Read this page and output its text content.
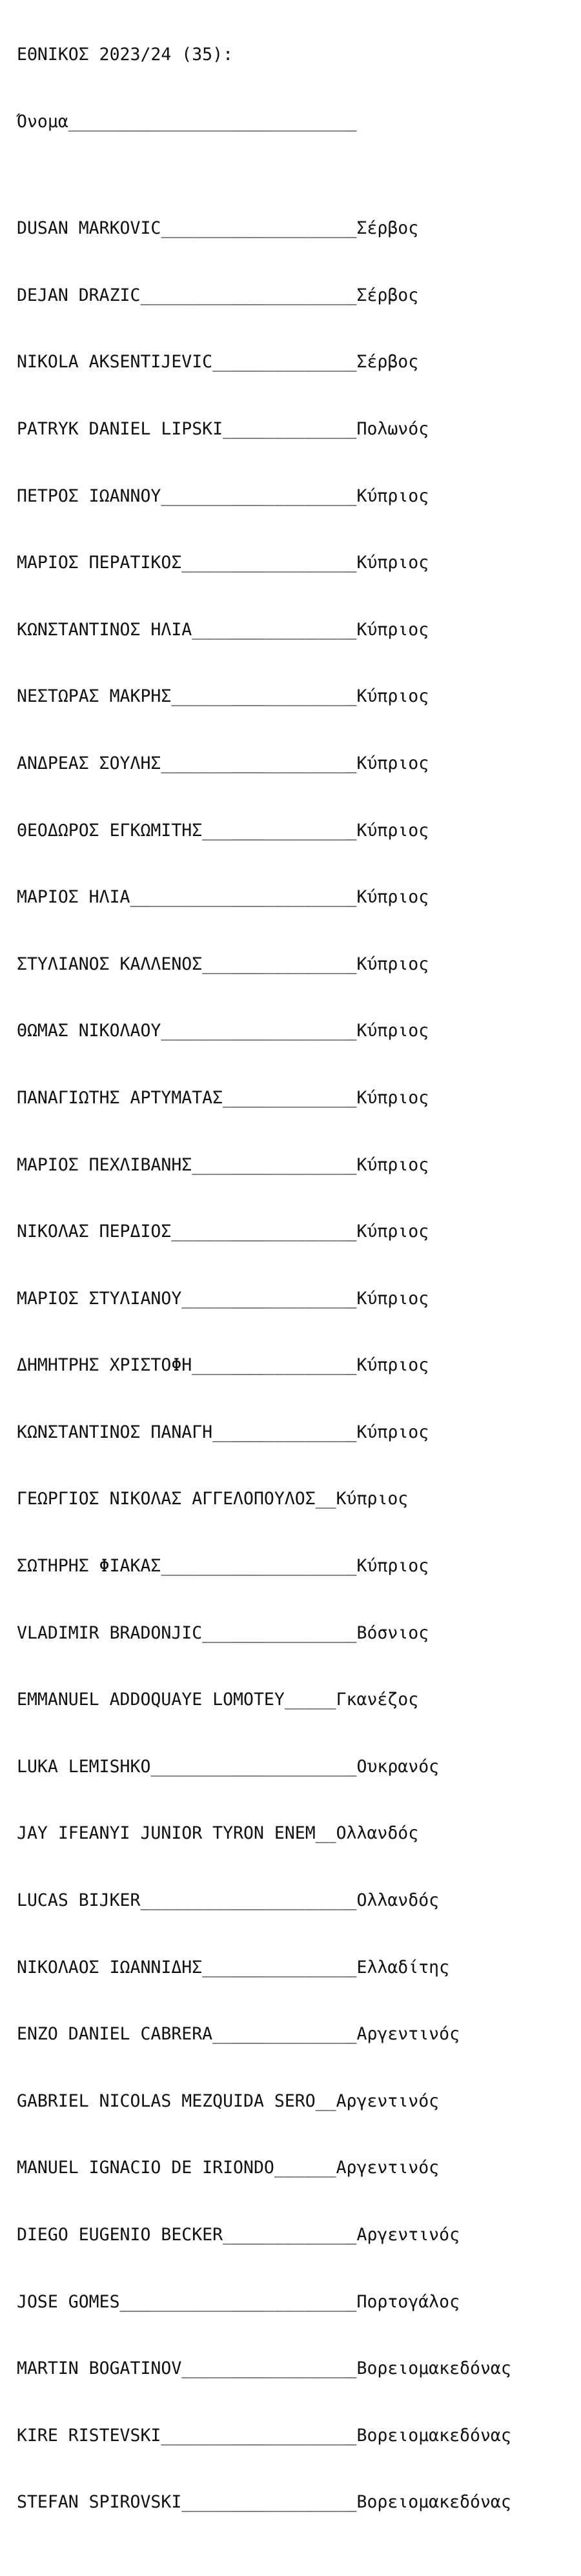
ΕΘΝΙΚΟΣ 2023/24 (35):

Όνομα____________________________

DUSAN MARKOVIC___________________Σέρβος

DEJAN DRAZIC_____________________Σέρβος

NIKOLA AKSENTIJEVIC______________Σέρβος

PATRYK DANIEL LIPSKI_____________Πολωνός

ΠΕΤΡΟΣ ΙΩΑΝΝΟΥ___________________Κύπριος

ΜΑΡΙΟΣ ΠΕΡΑΤΙΚΟΣ_________________Κύπριος

ΚΩΝΣΤΑΝΤΙΝΟΣ ΗΛΙΑ________________Κύπριος

ΝΕΣΤΩΡΑΣ ΜΑΚΡΗΣ__________________Κύπριος

ΑΝΔΡΕΑΣ ΣΟΥΛΗΣ___________________Κύπριος

ΘΕΟΔΩΡΟΣ ΕΓΚΩΜΙΤΗΣ_______________Κύπριος

ΜΑΡΙΟΣ ΗΛΙΑ______________________Κύπριος

ΣΤΥΛΙΑΝΟΣ ΚΑΛΛΕΝΟΣ_______________Κύπριος

ΘΩΜΑΣ ΝΙΚΟΛΑΟΥ___________________Κύπριος

ΠΑΝΑΓΙΩΤΗΣ ΑΡΤΥΜΑΤΑΣ_____________Κύπριος

ΜΑΡΙΟΣ ΠΕΧΛΙΒΑΝΗΣ________________Κύπριος

ΝΙΚΟΛΑΣ ΠΕΡΔΙΟΣ__________________Κύπριος

ΜΑΡΙΟΣ ΣΤΥΛΙΑΝΟΥ_________________Κύπριος

ΔΗΜΗΤΡΗΣ ΧΡΙΣΤΟΦΗ________________Κύπριος

ΚΩΝΣΤΑΝΤΙΝΟΣ ΠΑΝΑΓΗ______________Κύπριος

ΓΕΩΡΓΙΟΣ ΝΙΚΟΛΑΣ ΑΓΓΕΛΟΠΟΥΛΟΣ__Κύπριος

ΣΩΤΗΡΗΣ ΦΙΑΚΑΣ___________________Κύπριος

VLADIMIR BRADONJIC_______________Βόσνιος

EMMANUEL ADDOQUAYE LOMOTEY_____Γκανέζος

LUKA LEMISHKO____________________Ουκρανός

JAY IFEANYI JUNIOR TYRON ENEM__Ολλανδός

LUCAS BIJKER_____________________Ολλανδός

ΝΙΚΟΛΑΟΣ ΙΩΑΝΝΙΔΗΣ_______________Ελλαδίτης

ENZO DANIEL CABRERA______________Αργεντινός

GABRIEL NICOLAS MEZQUIDA SERO__Αργεντινός

MANUEL IGNACIO DE IRIONDO______Αργεντινός

DIEGO EUGENIO BECKER_____________Αργεντινός

JOSE GOMES_______________________Πορτογάλος

MARTIN BOGATINOV_________________Βορειομακεδόνας

KIRE RISTEVSKI___________________Βορειομακεδόνας

STEFAN SPIROVSKI_________________Βορειομακεδόνας
